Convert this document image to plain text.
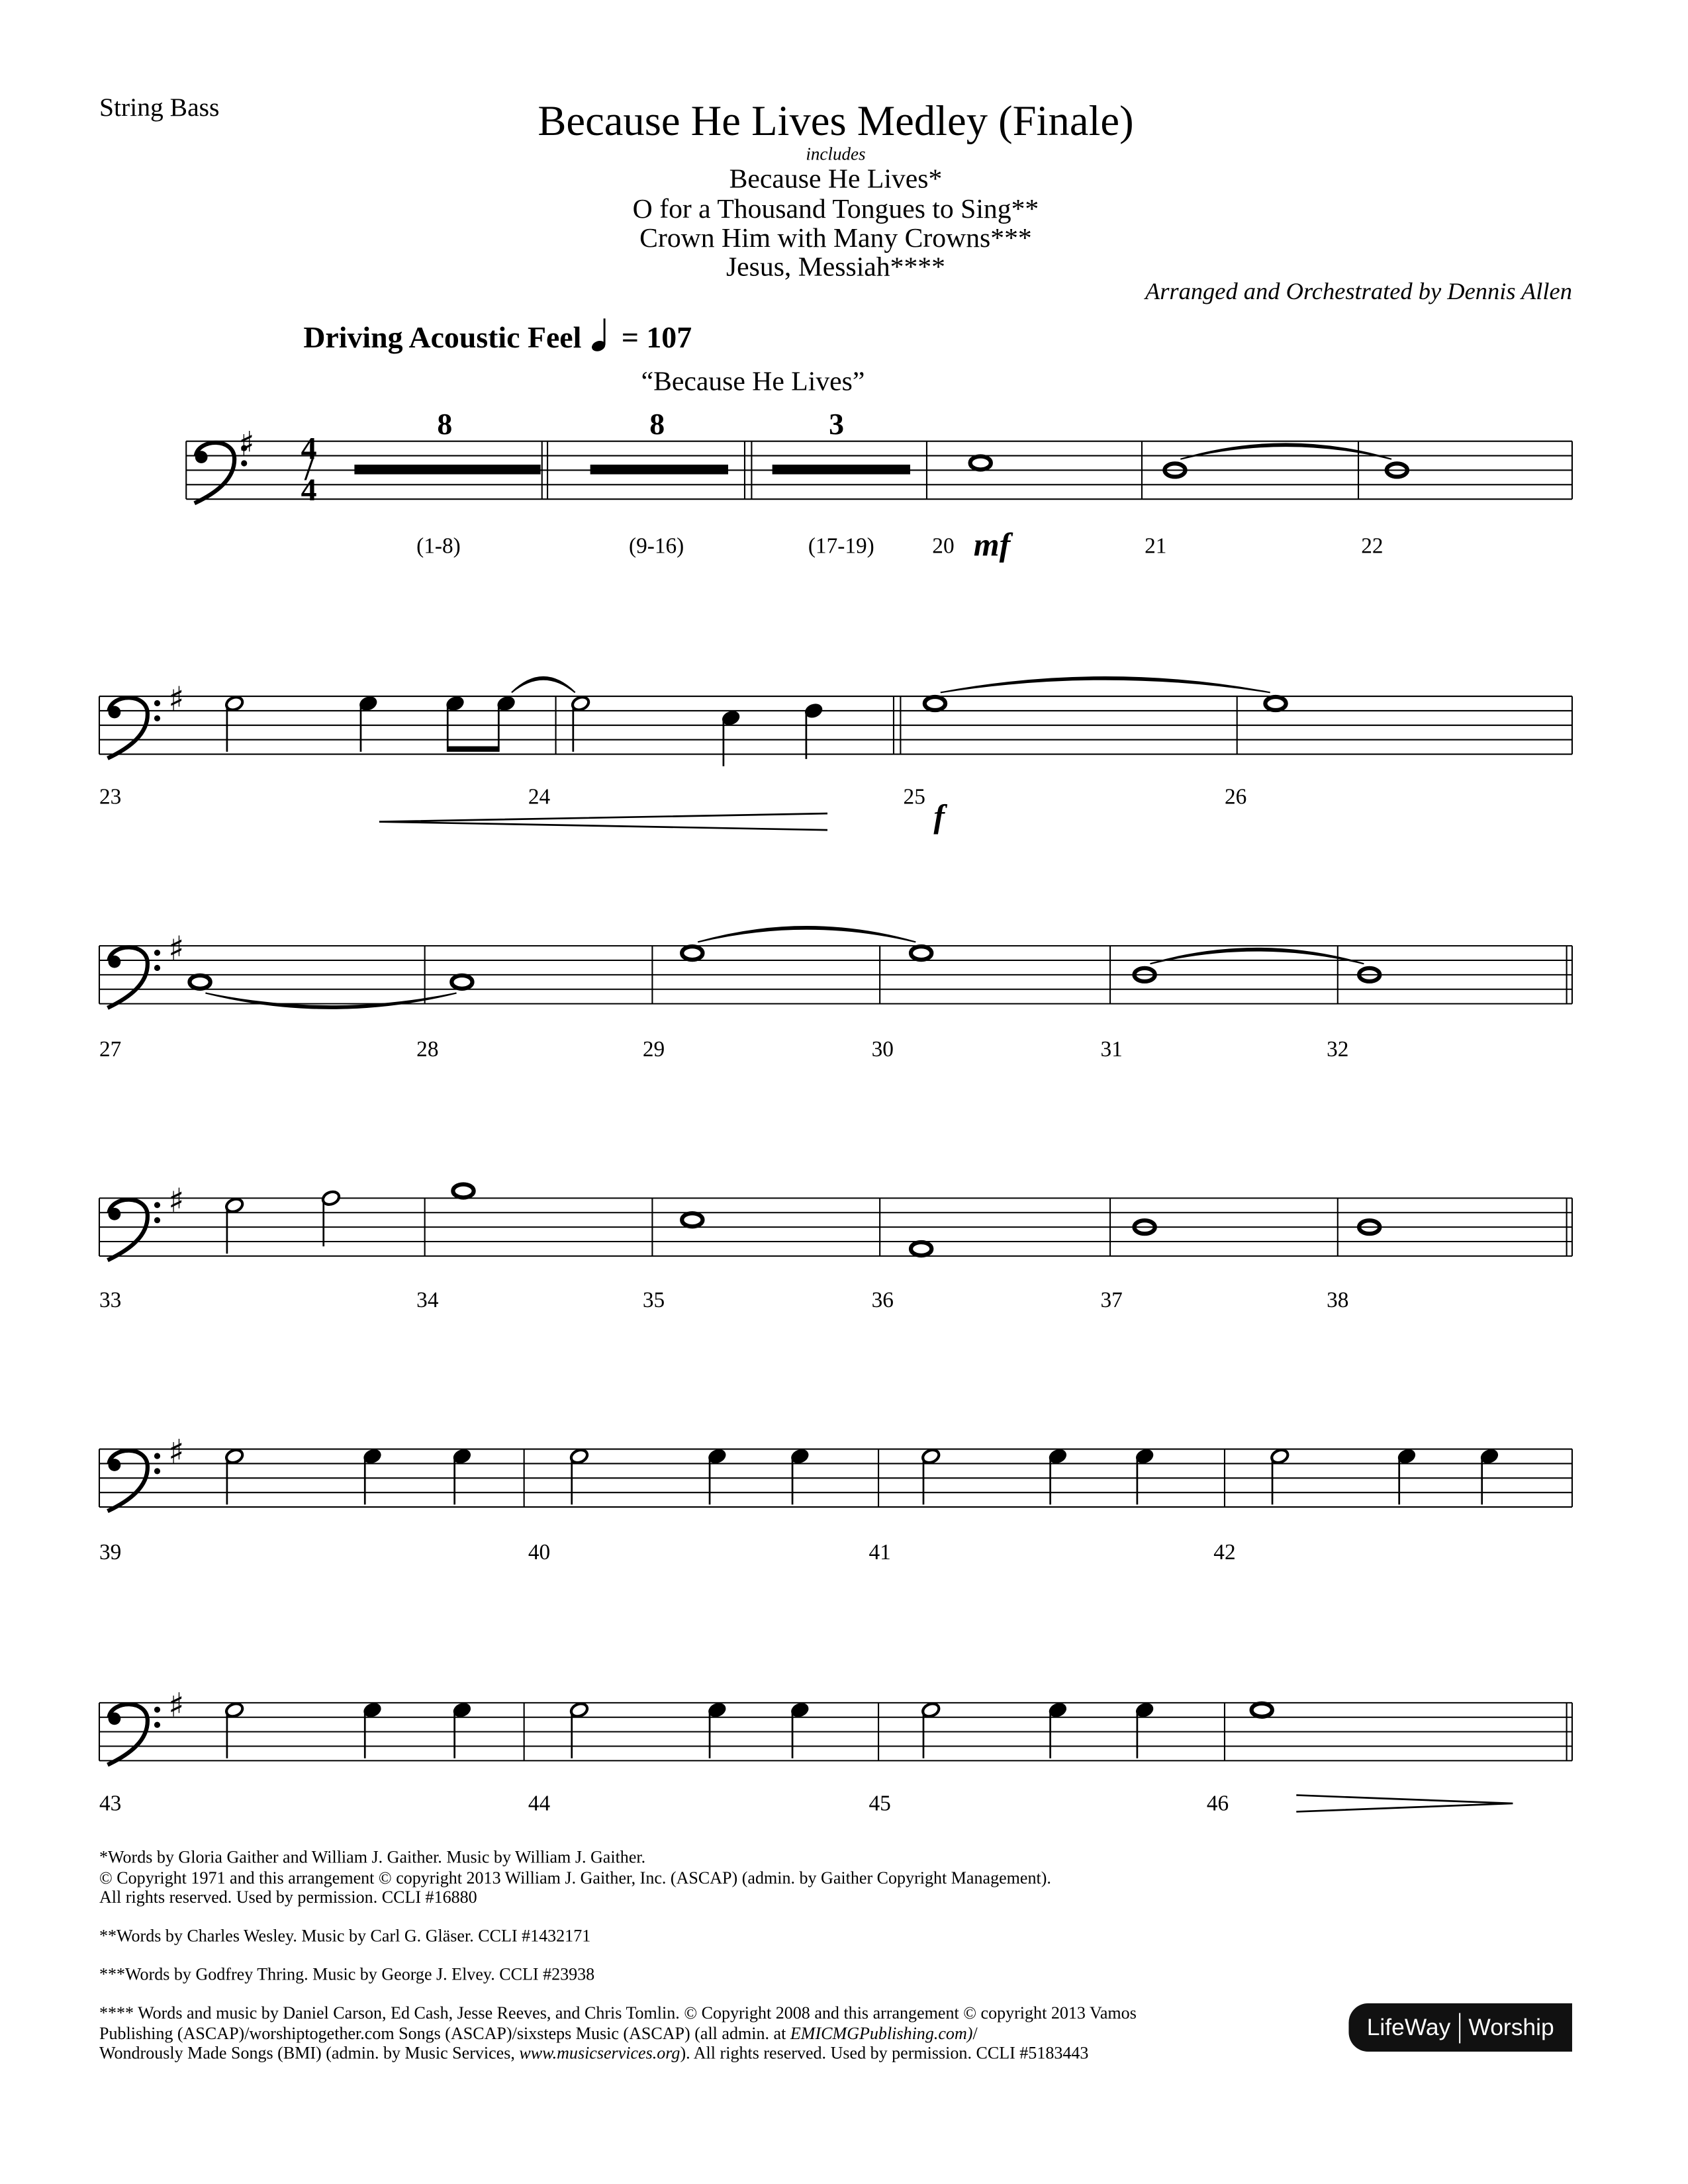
String Bass	Because He Lives Medley (Finale)
includes
Because He Lives*
O for a Thousand Tongues to Sing**
Crown Him with Many Crowns***
Jesus, Messiah****
Arranged and Orchestrated by Dennis Allen
Driving Acoustic Feel	= 107
“Because He Lives”
♯
8
(1-8)
8
(9-16)
3
(17-19)	20 mf	21	22
♯
23	24	25
f
26
♯
27	28	29	30	31	32
♯
33	34	35	36	37	38
♯
39	40	41	42
♯
43	44	45	46
4/4
*Words by Gloria Gaither and William J. Gaither. Music by William J. Gaither.
© Copyright 1971 and this arrangement © copyright 2013 William J. Gaither, Inc. (ASCAP) (admin. by Gaither Copyright Management).
All rights reserved. Used by permission. CCLI #16880
**Words by Charles Wesley. Music by Carl G. Gläser. CCLI #1432171
***Words by Godfrey Thring. Music by George J. Elvey. CCLI #23938
**** Words and music by Daniel Carson, Ed Cash, Jesse Reeves, and Chris Tomlin. © Copyright 2008 and this arrangement © copyright 2013 Vamos
Publishing (ASCAP)/worshiptogether.com Songs (ASCAP)/sixsteps Music (ASCAP) (all admin. at EMICMGPublishing.com)/
Wondrously Made Songs (BMI) (admin. by Music Services, www.musicservices.org). All rights reserved. Used by permission. CCLI #5183443
LifeWay Worship
